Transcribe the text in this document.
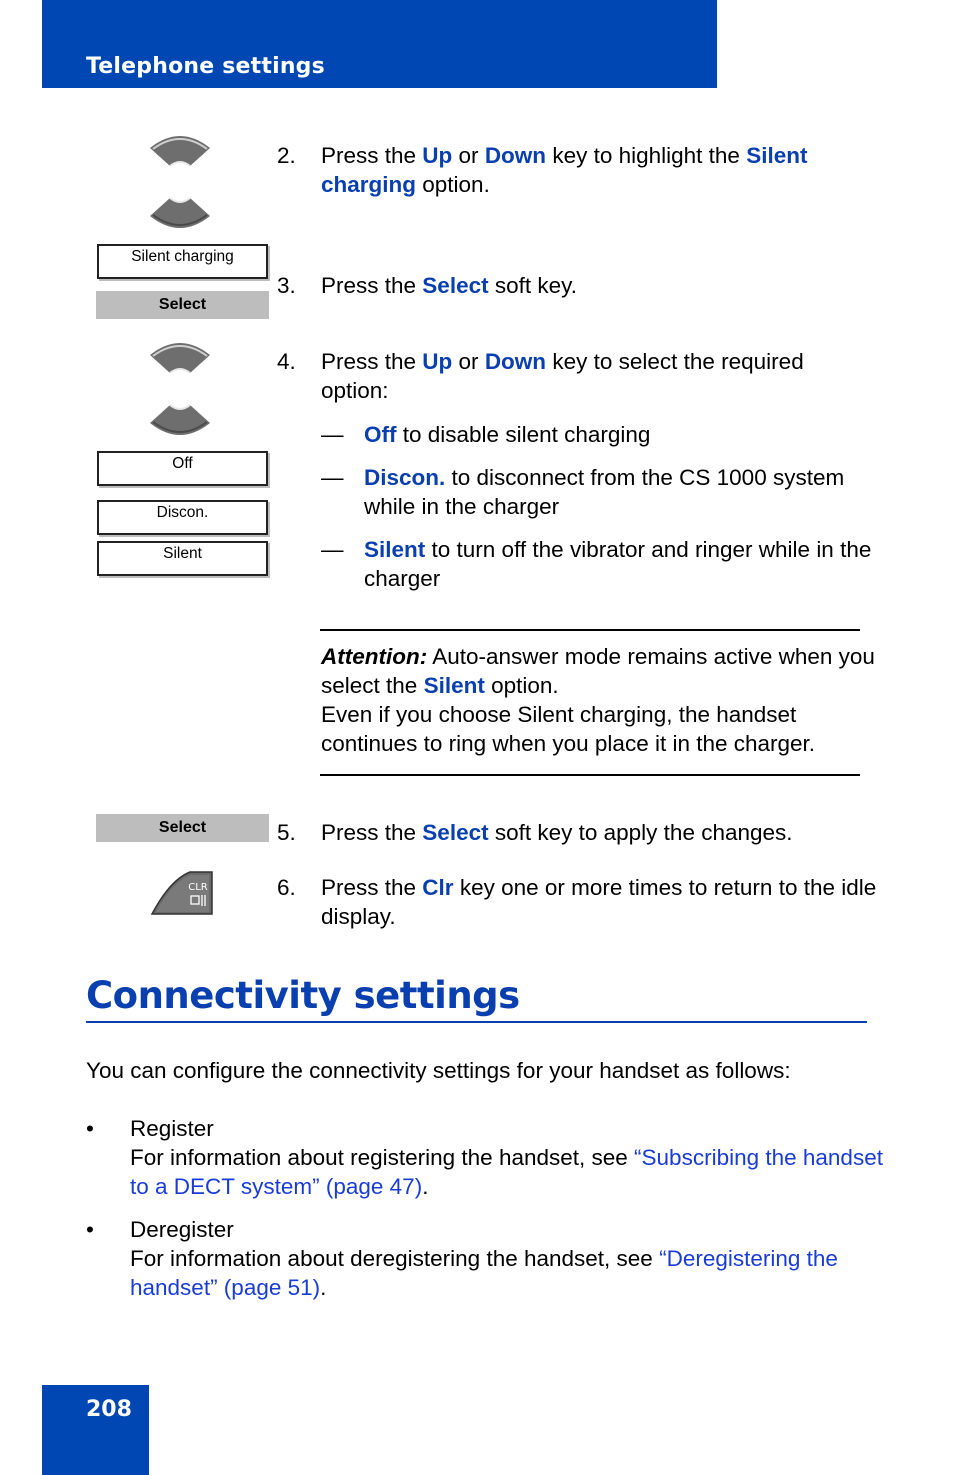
Telephone settings
2.	Press the Up or Down key to highlight the Silent charging option.
Silent charging
Select
3.	Press the Select soft key.
4.	Press the Up or Down key to select the required option:
Off
Discon.
Silent
— Off to disable silent charging
— Discon. to disconnect from the CS 1000 system while in the charger
— Silent to turn off the vibrator and ringer while in the charger
Attention: Auto-answer mode remains active when you select the Silent option.
Even if you choose Silent charging, the handset continues to ring when you place it in the charger.
Select	5.	Press the Select soft key to apply the changes.
CLR	6.	Press the Clr key one or more times to return to the idle display.
Connectivity settings
You can configure the connectivity settings for your handset as follows:
•	Register
For information about registering the handset, see “Subscribing the handset to a DECT system” (page 47).
•	Deregister
For information about deregistering the handset, see “Deregistering the handset” (page 51).
208
